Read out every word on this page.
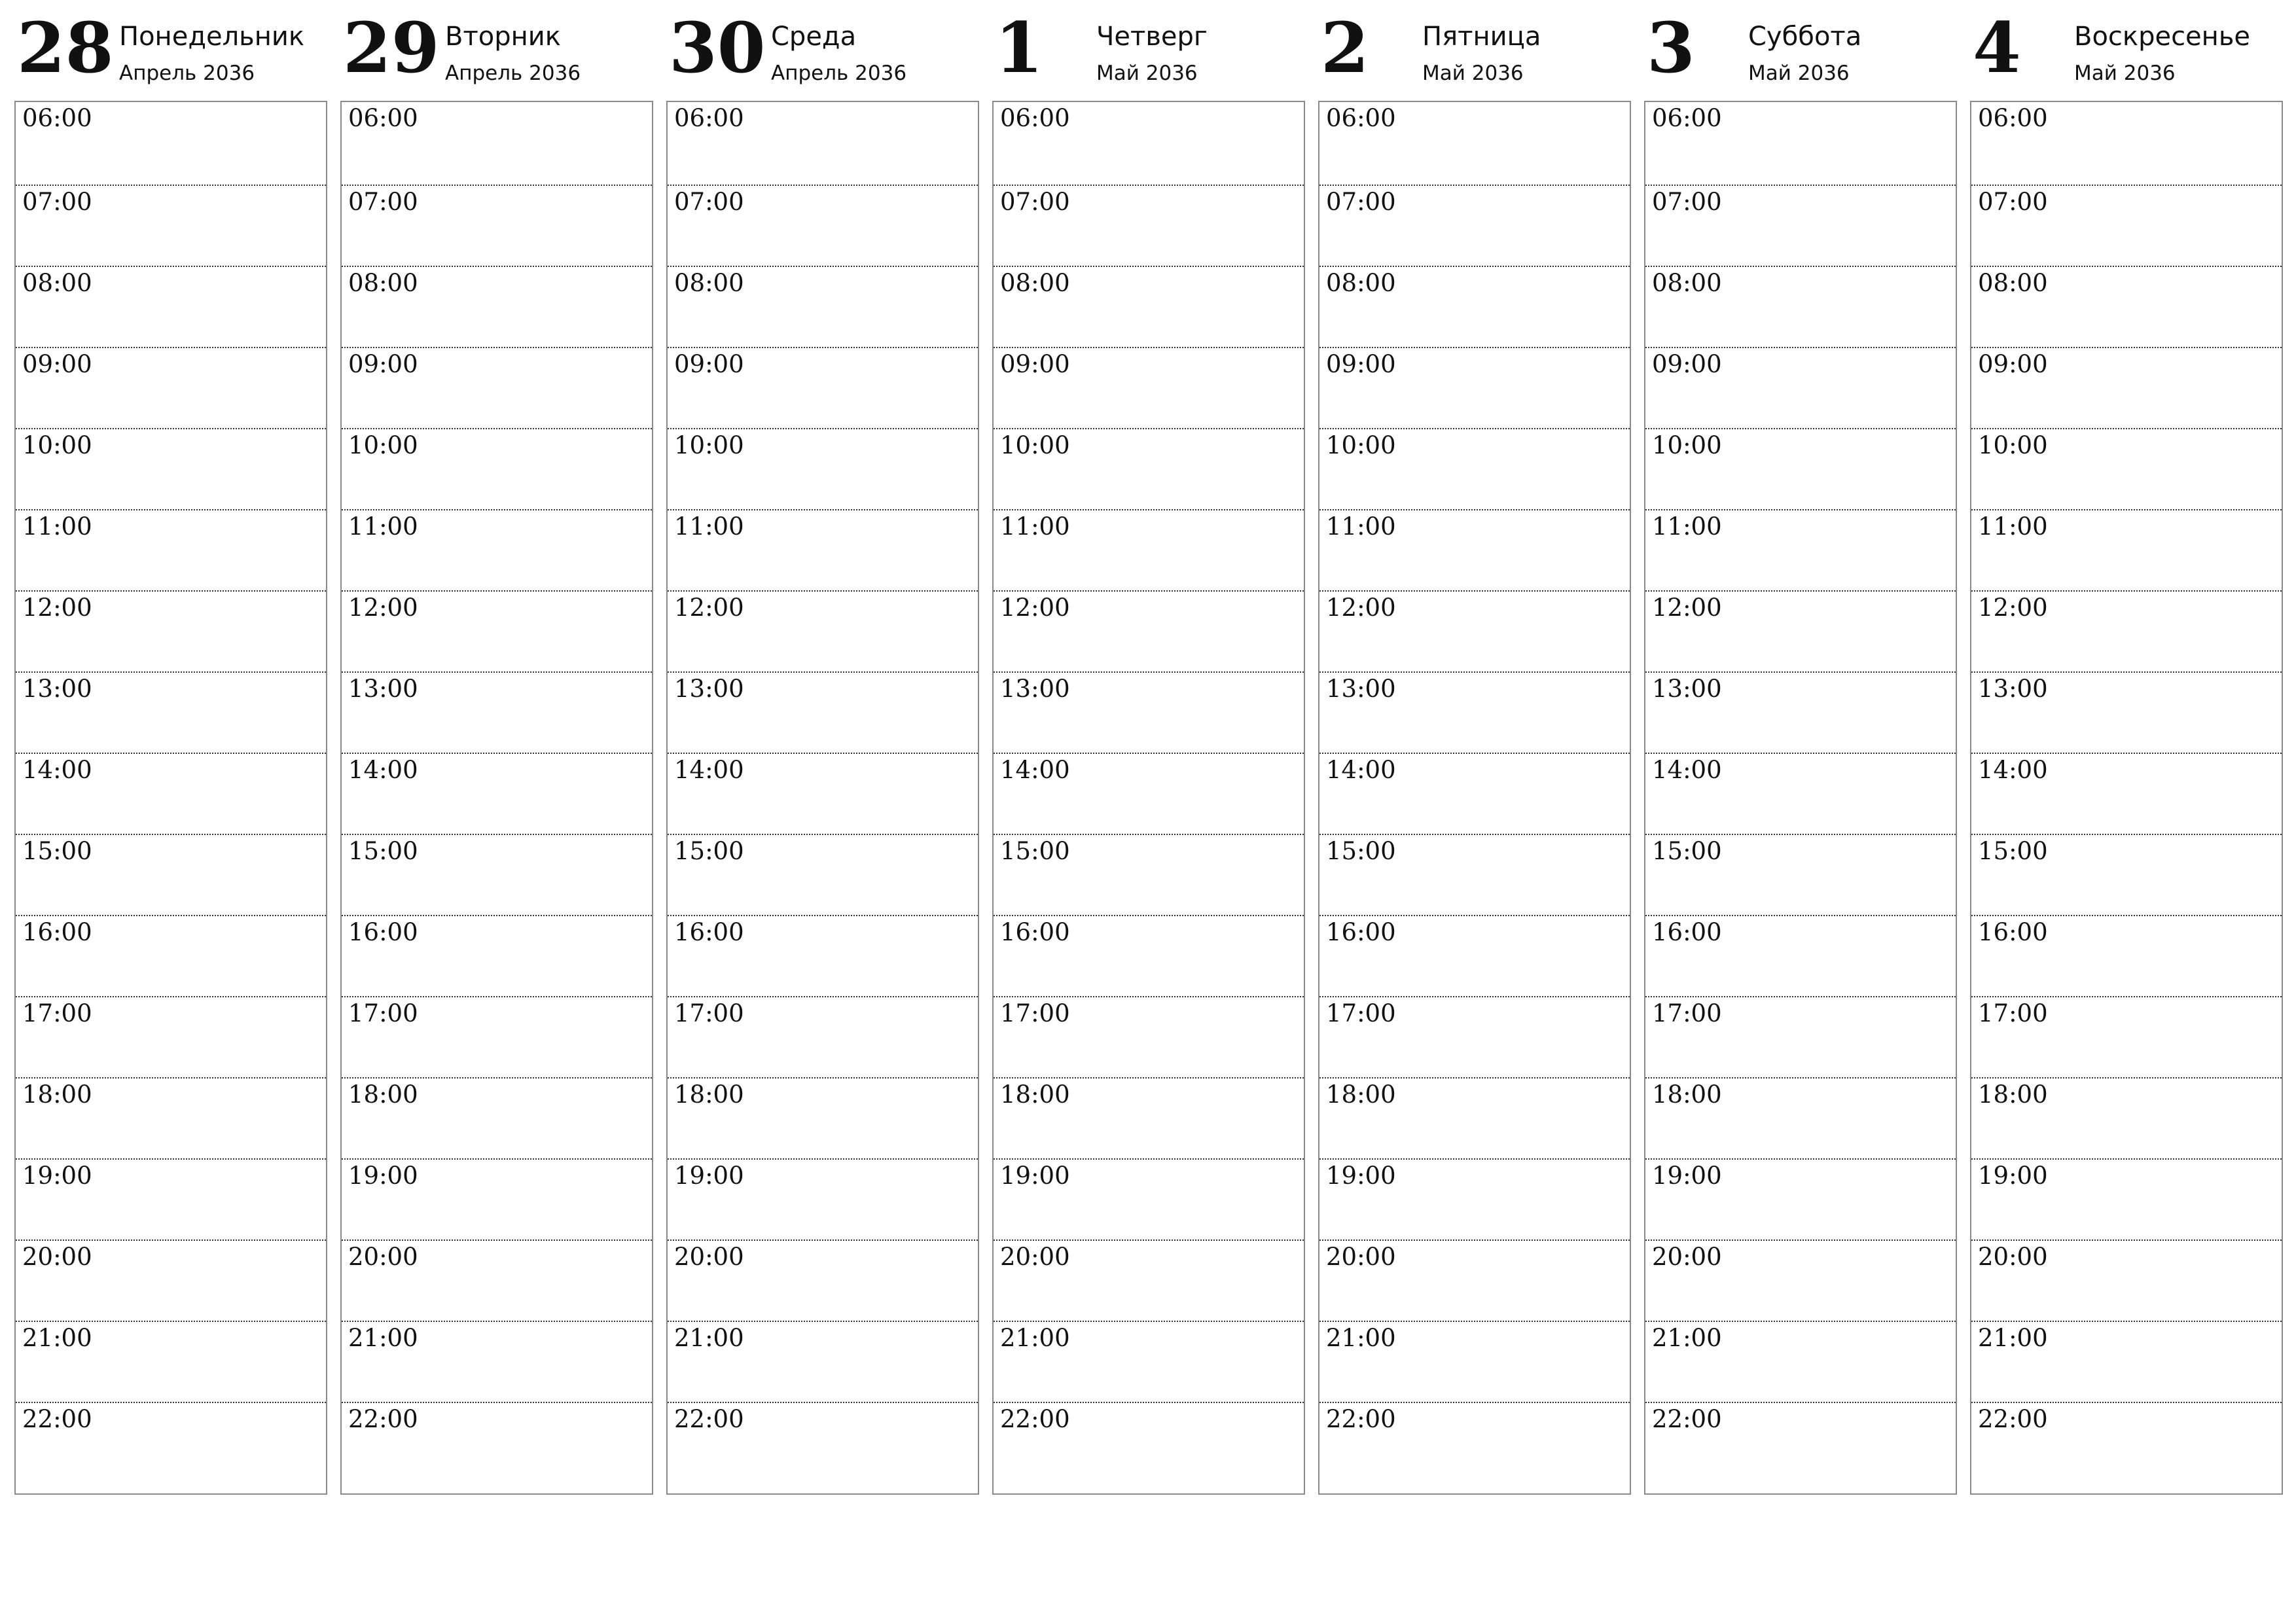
28 Понедельник
Апрель 2036
06:00
07:00
08:00
09:00
10:00
11:00
12:00
13:00
14:00
15:00
16:00
17:00
18:00
19:00
20:00
21:00
22:00
29 Вторник
Апрель 2036
06:00
07:00
08:00
09:00
10:00
11:00
12:00
13:00
14:00
15:00
16:00
17:00
18:00
19:00
20:00
21:00
22:00
30 Среда
Апрель 2036
06:00
07:00
08:00
09:00
10:00
11:00
12:00
13:00
14:00
15:00
16:00
17:00
18:00
19:00
20:00
21:00
22:00
1 Четверг
Май 2036
06:00
07:00
08:00
09:00
10:00
11:00
12:00
13:00
14:00
15:00
16:00
17:00
18:00
19:00
20:00
21:00
22:00
2 Пятница
Май 2036
06:00
07:00
08:00
09:00
10:00
11:00
12:00
13:00
14:00
15:00
16:00
17:00
18:00
19:00
20:00
21:00
22:00
3 Суббота
Май 2036
06:00
07:00
08:00
09:00
10:00
11:00
12:00
13:00
14:00
15:00
16:00
17:00
18:00
19:00
20:00
21:00
22:00
4 Воскресенье
Май 2036
06:00
07:00
08:00
09:00
10:00
11:00
12:00
13:00
14:00
15:00
16:00
17:00
18:00
19:00
20:00
21:00
22:00
